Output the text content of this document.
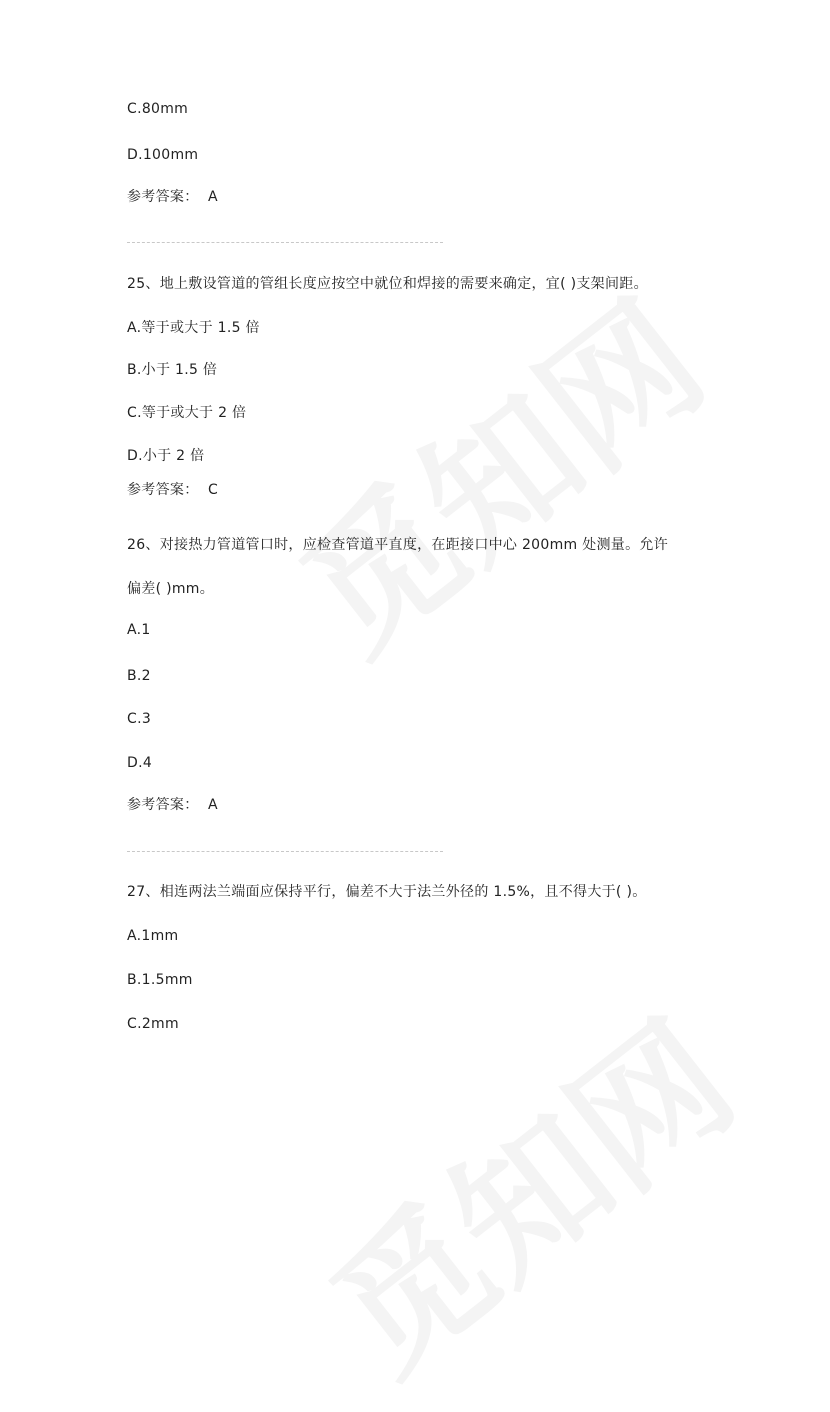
C.80mm
D.100mm
参考答案：  A
25、地上敷设管道的管组长度应按空中就位和焊接的需要来确定，宜( )支架间距。
A.等于或大于 1.5 倍
B.小于 1.5 倍
C.等于或大于 2 倍
D.小于 2 倍
参考答案：  C
26、对接热力管道管口时，应检查管道平直度，在距接口中心 200mm 处测量。允许
偏差( )mm。
A.1
B.2
C.3
D.4
参考答案：  A
27、相连两法兰端面应保持平行，偏差不大于法兰外径的 1.5%，且不得大于( )。
A.1mm
B.1.5mm
C.2mm
